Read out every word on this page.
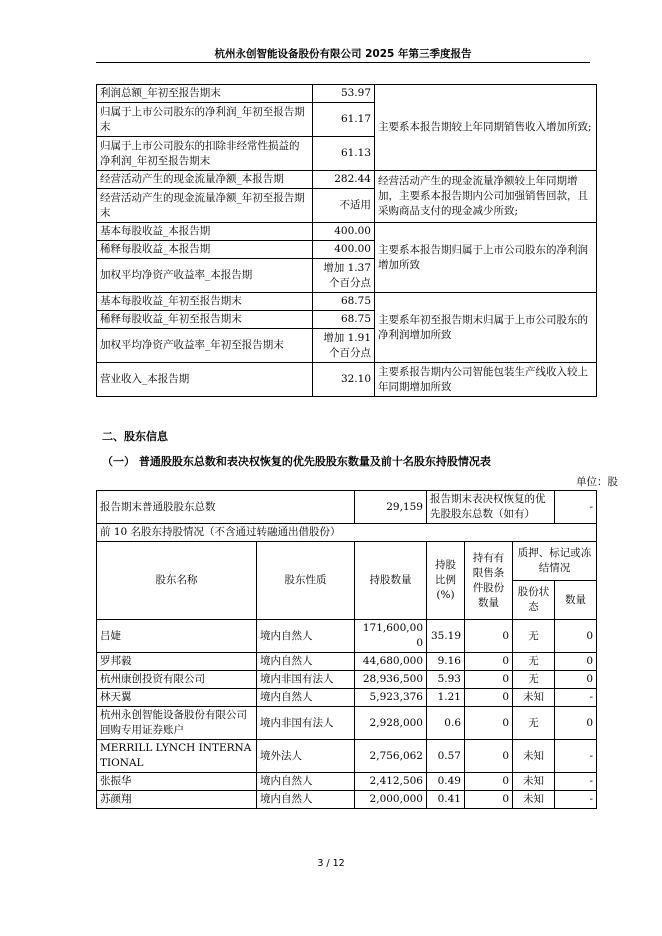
杭州永创智能设备股份有限公司 2025 年第三季度报告
利润总额_年初至报告期末	53.97	主要系本报告期较上年同期销售收入增加所致;
归属于上市公司股东的净利润_年初至报告期末	61.17	
归属于上市公司股东的扣除非经常性损益的净利润_年初至报告期末	61.13	
经营活动产生的现金流量净额_本报告期	282.44	经营活动产生的现金流量净额较上年同期增加，主要系本报告期内公司加强销售回款，且采购商品支付的现金减少所致;
经营活动产生的现金流量净额_年初至报告期末	不适用	
基本每股收益_本报告期	400.00	主要系本报告期归属于上市公司股东的净利润增加所致
稀释每股收益_本报告期	400.00	
加权平均净资产收益率_本报告期	增加 1.37 个百分点	
基本每股收益_年初至报告期末	68.75	主要系年初至报告期末归属于上市公司股东的净利润增加所致
稀释每股收益_年初至报告期末	68.75	
加权平均净资产收益率_年初至报告期末	增加 1.91 个百分点	
营业收入_本报告期	32.10	主要系报告期内公司智能包装生产线收入较上年同期增加所致
二、股东信息
（一） 普通股股东总数和表决权恢复的优先股股东数量及前十名股东持股情况表
单位：股
报告期末普通股股东总数		29,159	报告期末表决权恢复的优先股股东总数（如有）			-
前 10 名股东持股情况（不含通过转融通出借股份）						
股东名称	股东性质	持股数量	持股比例(%)	持有有限售条件股份数量	质押、标记或冻结情况	
					股份状态	数量
吕婕	境内自然人	171,600,000	35.19	0	无	0
罗邦毅	境内自然人	44,680,000	9.16	0	无	0
杭州康创投资有限公司	境内非国有法人	28,936,500	5.93	0	无	0
林天翼	境内自然人	5,923,376	1.21	0	未知	-
杭州永创智能设备股份有限公司回购专用证券账户	境内非国有法人	2,928,000	0.6	0	无	0
MERRILL LYNCH INTERNATIONAL	境外法人	2,756,062	0.57	0	未知	-
张振华	境内自然人	2,412,506	0.49	0	未知	-
苏颜翔	境内自然人	2,000,000	0.41	0	未知	-
3 / 12
